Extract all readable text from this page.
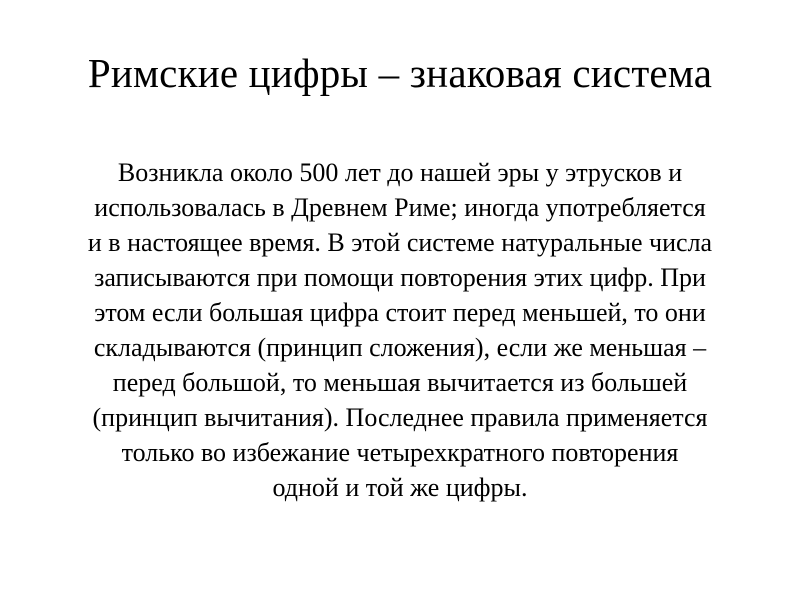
Римские цифры – знаковая система

Возникла около 500 лет до нашей эры у этрусков и
использовалась в Древнем Риме; иногда употребляется
и в настоящее время. В этой системе натуральные числа
записываются при помощи повторения этих цифр. При
этом если большая цифра стоит перед меньшей, то они
складываются (принцип сложения), если же меньшая –
перед большой, то меньшая вычитается из большей
(принцип вычитания). Последнее правила применяется
только во избежание четырехкратного повторения
одной и той же цифры.
